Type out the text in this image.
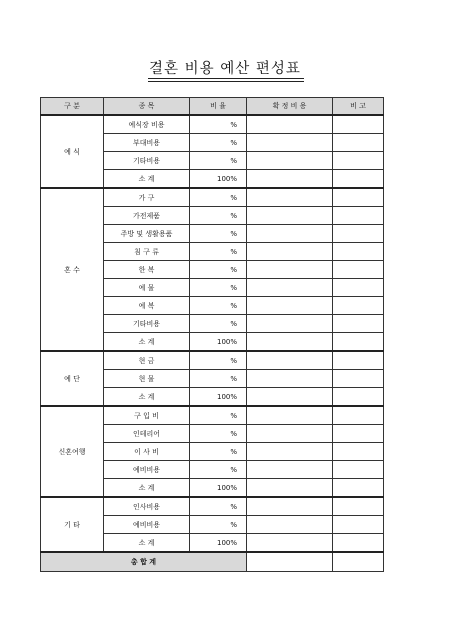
결혼 비용 예산 편성표
구 분	종 목	비 율	확 정 비 용	비 고
예 식	예식장 비용	%		
	부대비용	%		
	기타비용	%		
	소 계	100%		
혼 수	가 구	%		
	가전제품	%		
	주방 및 생활용품	%		
	침 구 류	%		
	한 복	%		
	예 물	%		
	예 복	%		
	기타비용	%		
	소 계	100%		
예 단	현 금	%		
	현 물	%		
	소 계	100%		
신혼여행	구 입 비	%		
	인테리어	%		
	이 사 비	%		
	예비비용	%		
	소 계	100%		
기 타	인사비용	%		
	예비비용	%		
	소 계	100%		
총 합 계				
